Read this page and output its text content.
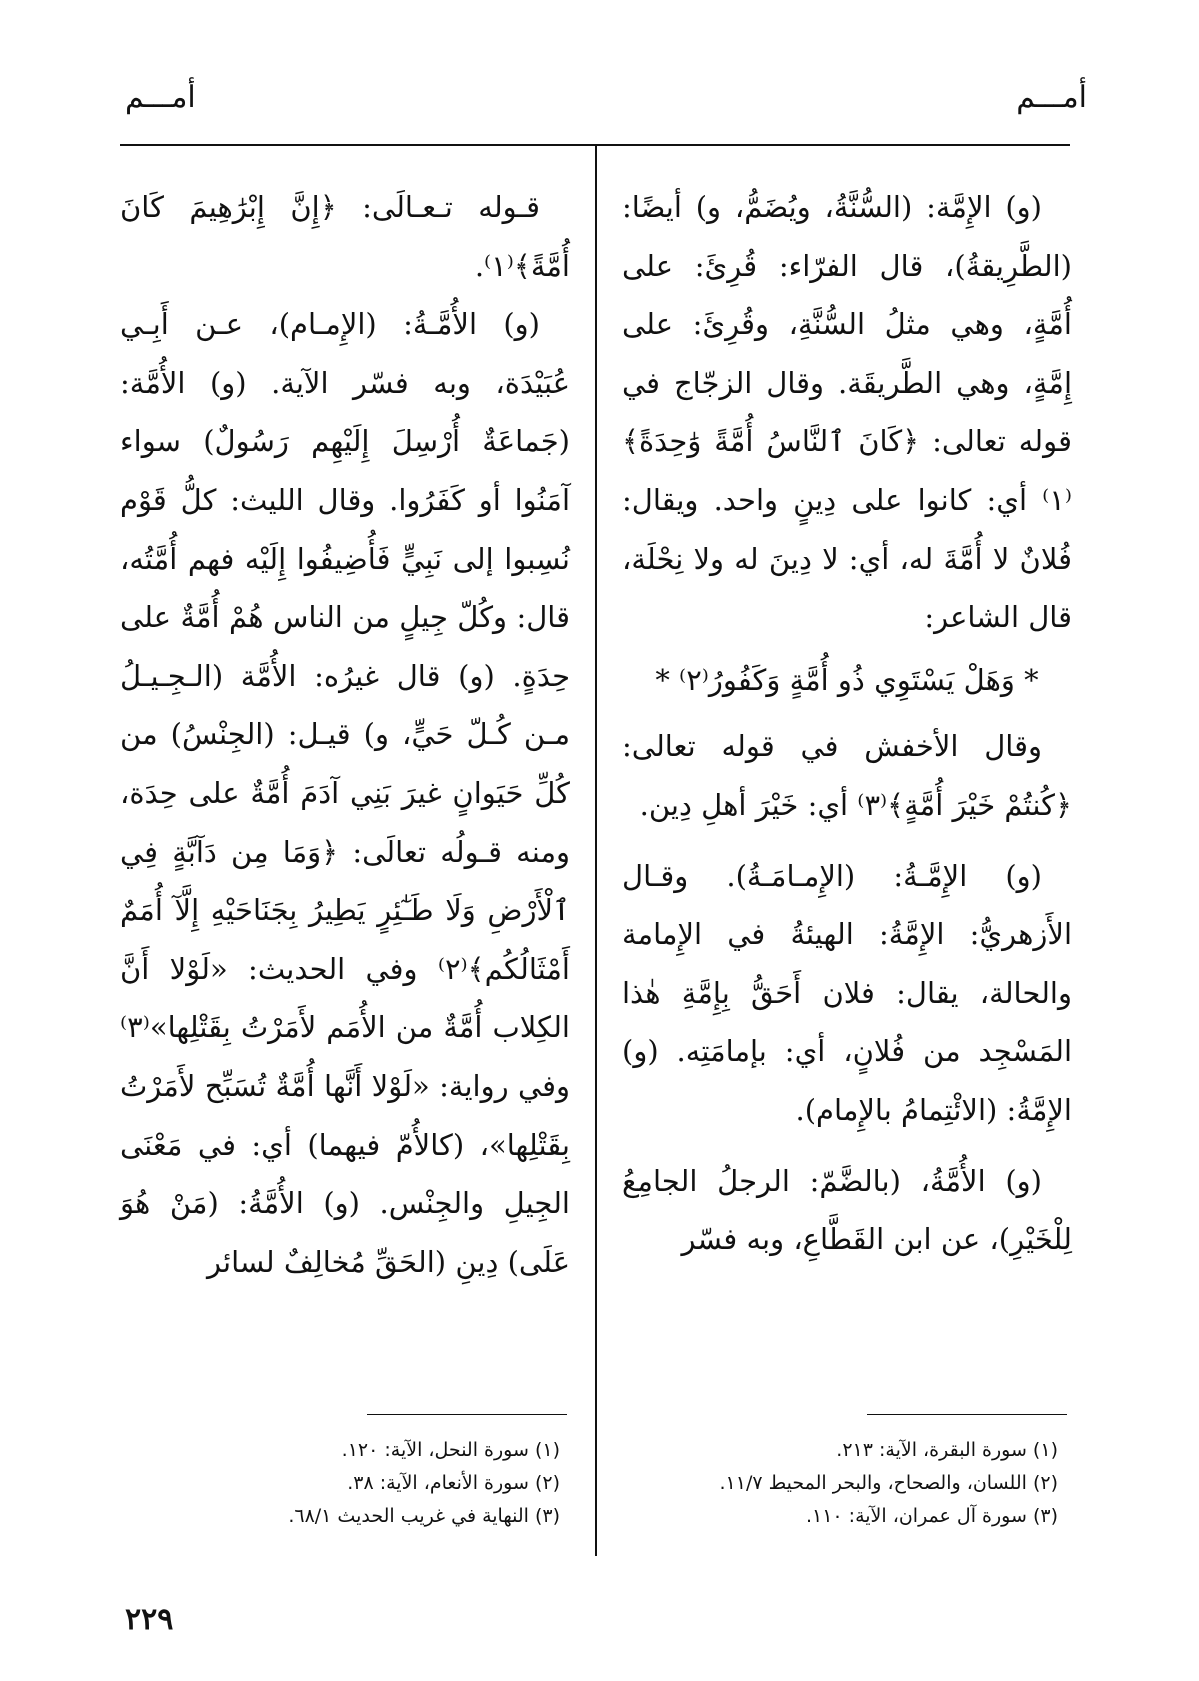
أمـــم
أمـــم

(و) الإِمَّة: (السُّنَّةُ، ويُضَمُّ، و) أيضًا: (الطَّرِيقةُ)، قال الفرّاء: قُرِئَ: على أُمَّةٍ، وهي مثلُ السُّنَّةِ، وقُرِئَ: على إِمَّةٍ، وهي الطَّريقَة. وقال الزجّاج في قوله تعالى: ﴿كَانَ ٱلنَّاسُ أُمَّةً وَٰحِدَةً﴾⁽١⁾ أي: كانوا على دِينٍ واحد. ويقال: فُلانٌ لا أُمَّةَ له، أي: لا دِينَ له ولا نِحْلَة، قال الشاعر:

* وَهَلْ يَسْتَوِي ذُو أُمَّةٍ وَكَفُورُ⁽٢⁾ *

وقال الأخفش في قوله تعالى: ﴿كُنتُمْ خَيْرَ أُمَّةٍ﴾⁽٣⁾ أي: خَيْرَ أهلِ دِين.

(و) الإِمَّـةُ: (الإِمـامَـةُ). وقـال الأَزهريُّ: الإِمَّةُ: الهيئةُ في الإِمامة والحالة، يقال: فلان أَحَقُّ بِإِمَّةِ هٰذا المَسْجِد من فُلانٍ، أي: بإمامَتِه. (و) الإِمَّةُ: (الائْتِمامُ بالإِمام).

(و) الأُمَّةُ، (بالضَّمّ: الرجلُ الجامِعُ لِلْخَيْرِ)، عن ابن القَطَّاعِ، وبه فسّر

قـوله تـعـالَى: ﴿إِنَّ إِبْرَٰهِيمَ كَانَ أُمَّةً﴾⁽١⁾.

(و) الأُمَّـةُ: (الإِمـام)، عـن أَبِـي عُبَيْدَة، وبه فسّر الآية. (و) الأُمَّة: (جَماعَةٌ أُرْسِلَ إِلَيْهِم رَسُولٌ) سواء آمَنُوا أو كَفَرُوا. وقال الليث: كلُّ قَوْم نُسِبوا إلى نَبِيٍّ فَأُضِيفُوا إِلَيْه فهم أُمَّتُه، قال: وكُلّ جِيلٍ من الناس هُمْ أُمَّةٌ على حِدَةٍ. (و) قال غيرُه: الأُمَّة (الـجِـيـلُ مـن كُـلّ حَيٍّ، و) قيـل: (الجِنْسُ) من كُلِّ حَيَوانٍ غيرَ بَنِي آدَمَ أُمَّةٌ على حِدَة، ومنه قـولُه تعالَى: ﴿وَمَا مِن دَآبَّةٍ فِي ٱلْأَرْضِ وَلَا طَـٰٓئِرٍ يَطِيرُ بِجَنَاحَيْهِ إِلَّآ أُمَمٌ أَمْثَالُكُم﴾⁽٢⁾ وفي الحديث: «لَوْلا أَنَّ الكِلاب أُمَّةٌ من الأُمَم لأَمَرْتُ بِقَتْلِها»⁽٣⁾ وفي رواية: «لَوْلا أَنَّها أُمَّةٌ تُسَبِّح لأَمَرْتُ بِقَتْلِها»، (كالأُمّ فيهما) أي: في مَعْنَى الجِيلِ والجِنْس. (و) الأُمَّةُ: (مَنْ هُوَ عَلَى) دِينِ (الحَقِّ مُخالِفٌ لسائر

(١) سورة البقرة، الآية: ٢١٣.
(٢) اللسان، والصحاح، والبحر المحيط ١١/٧.
(٣) سورة آل عمران، الآية: ١١٠.
(١) سورة النحل، الآية: ١٢٠.
(٢) سورة الأنعام، الآية: ٣٨.
(٣) النهاية في غريب الحديث ٦٨/١.
٢٢٩
